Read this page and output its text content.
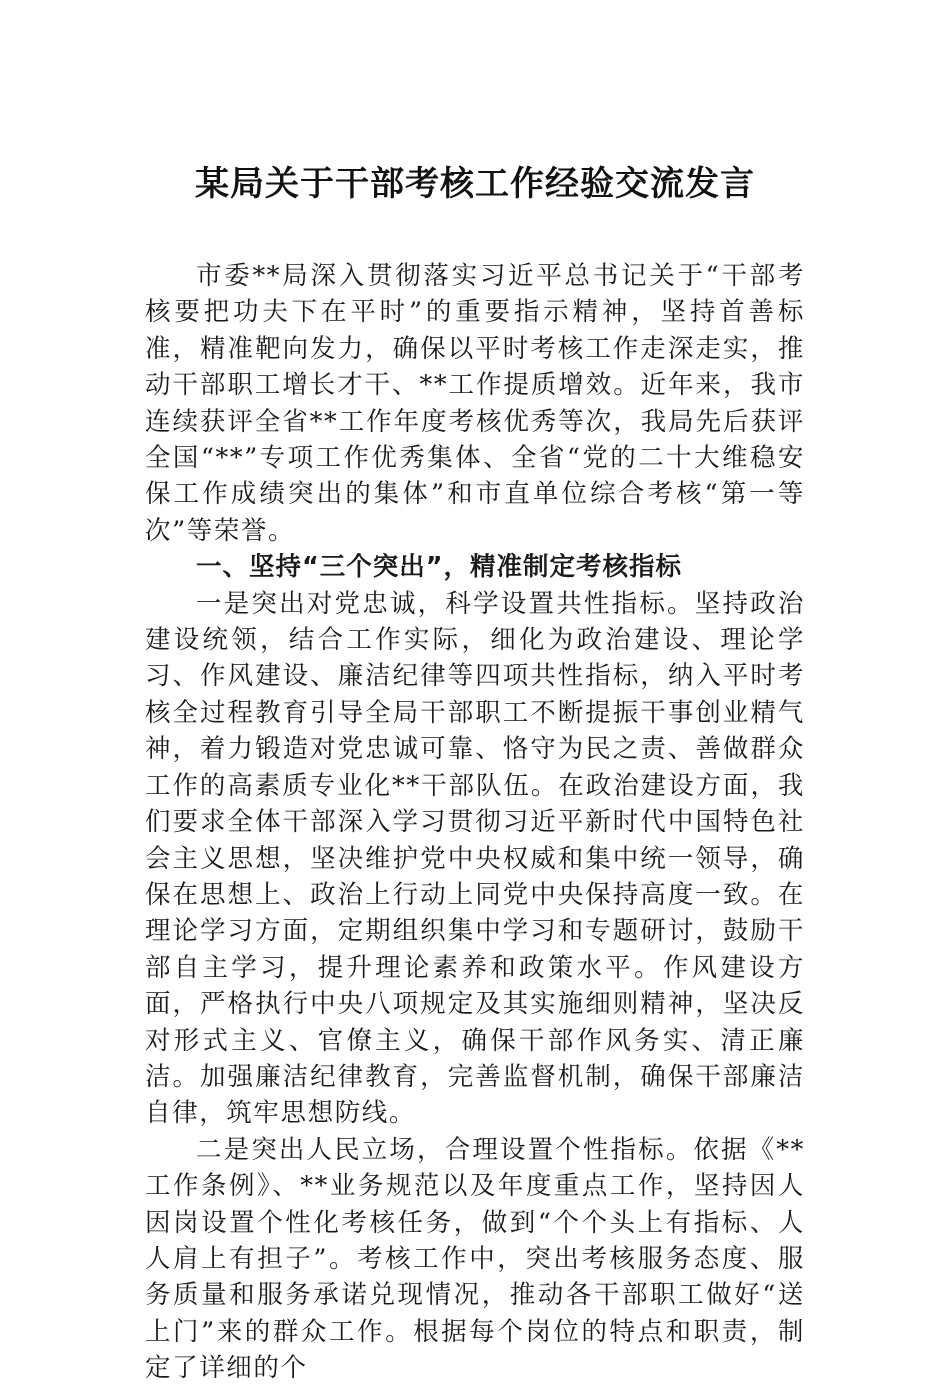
某局关于干部考核工作经验交流发言

市委**局深入贯彻落实习近平总书记关于“干部考核要把功夫下在平时”的重要指示精神，坚持首善标准，精准靶向发力，确保以平时考核工作走深走实，推动干部职工增长才干、**工作提质增效。近年来，我市连续获评全省**工作年度考核优秀等次，我局先后获评全国“**”专项工作优秀集体、全省“党的二十大维稳安保工作成绩突出的集体”和市直单位综合考核“第一等次”等荣誉。

一、坚持“三个突出”，精准制定考核指标

一是突出对党忠诚，科学设置共性指标。坚持政治建设统领，结合工作实际，细化为政治建设、理论学习、作风建设、廉洁纪律等四项共性指标，纳入平时考核全过程教育引导全局干部职工不断提振干事创业精气神，着力锻造对党忠诚可靠、恪守为民之责、善做群众工作的高素质专业化**干部队伍。在政治建设方面，我们要求全体干部深入学习贯彻习近平新时代中国特色社会主义思想，坚决维护党中央权威和集中统一领导，确保在思想上、政治上行动上同党中央保持高度一致。在理论学习方面，定期组织集中学习和专题研讨，鼓励干部自主学习，提升理论素养和政策水平。作风建设方面，严格执行中央八项规定及其实施细则精神，坚决反对形式主义、官僚主义，确保干部作风务实、清正廉洁。加强廉洁纪律教育，完善监督机制，确保干部廉洁自律，筑牢思想防线。

二是突出人民立场，合理设置个性指标。依据《**工作条例》、**业务规范以及年度重点工作，坚持因人因岗设置个性化考核任务，做到“个个头上有指标、人人肩上有担子”。考核工作中，突出考核服务态度、服务质量和服务承诺兑现情况，推动各干部职工做好“送上门”来的群众工作。根据每个岗位的特点和职责，制定了详细的个
